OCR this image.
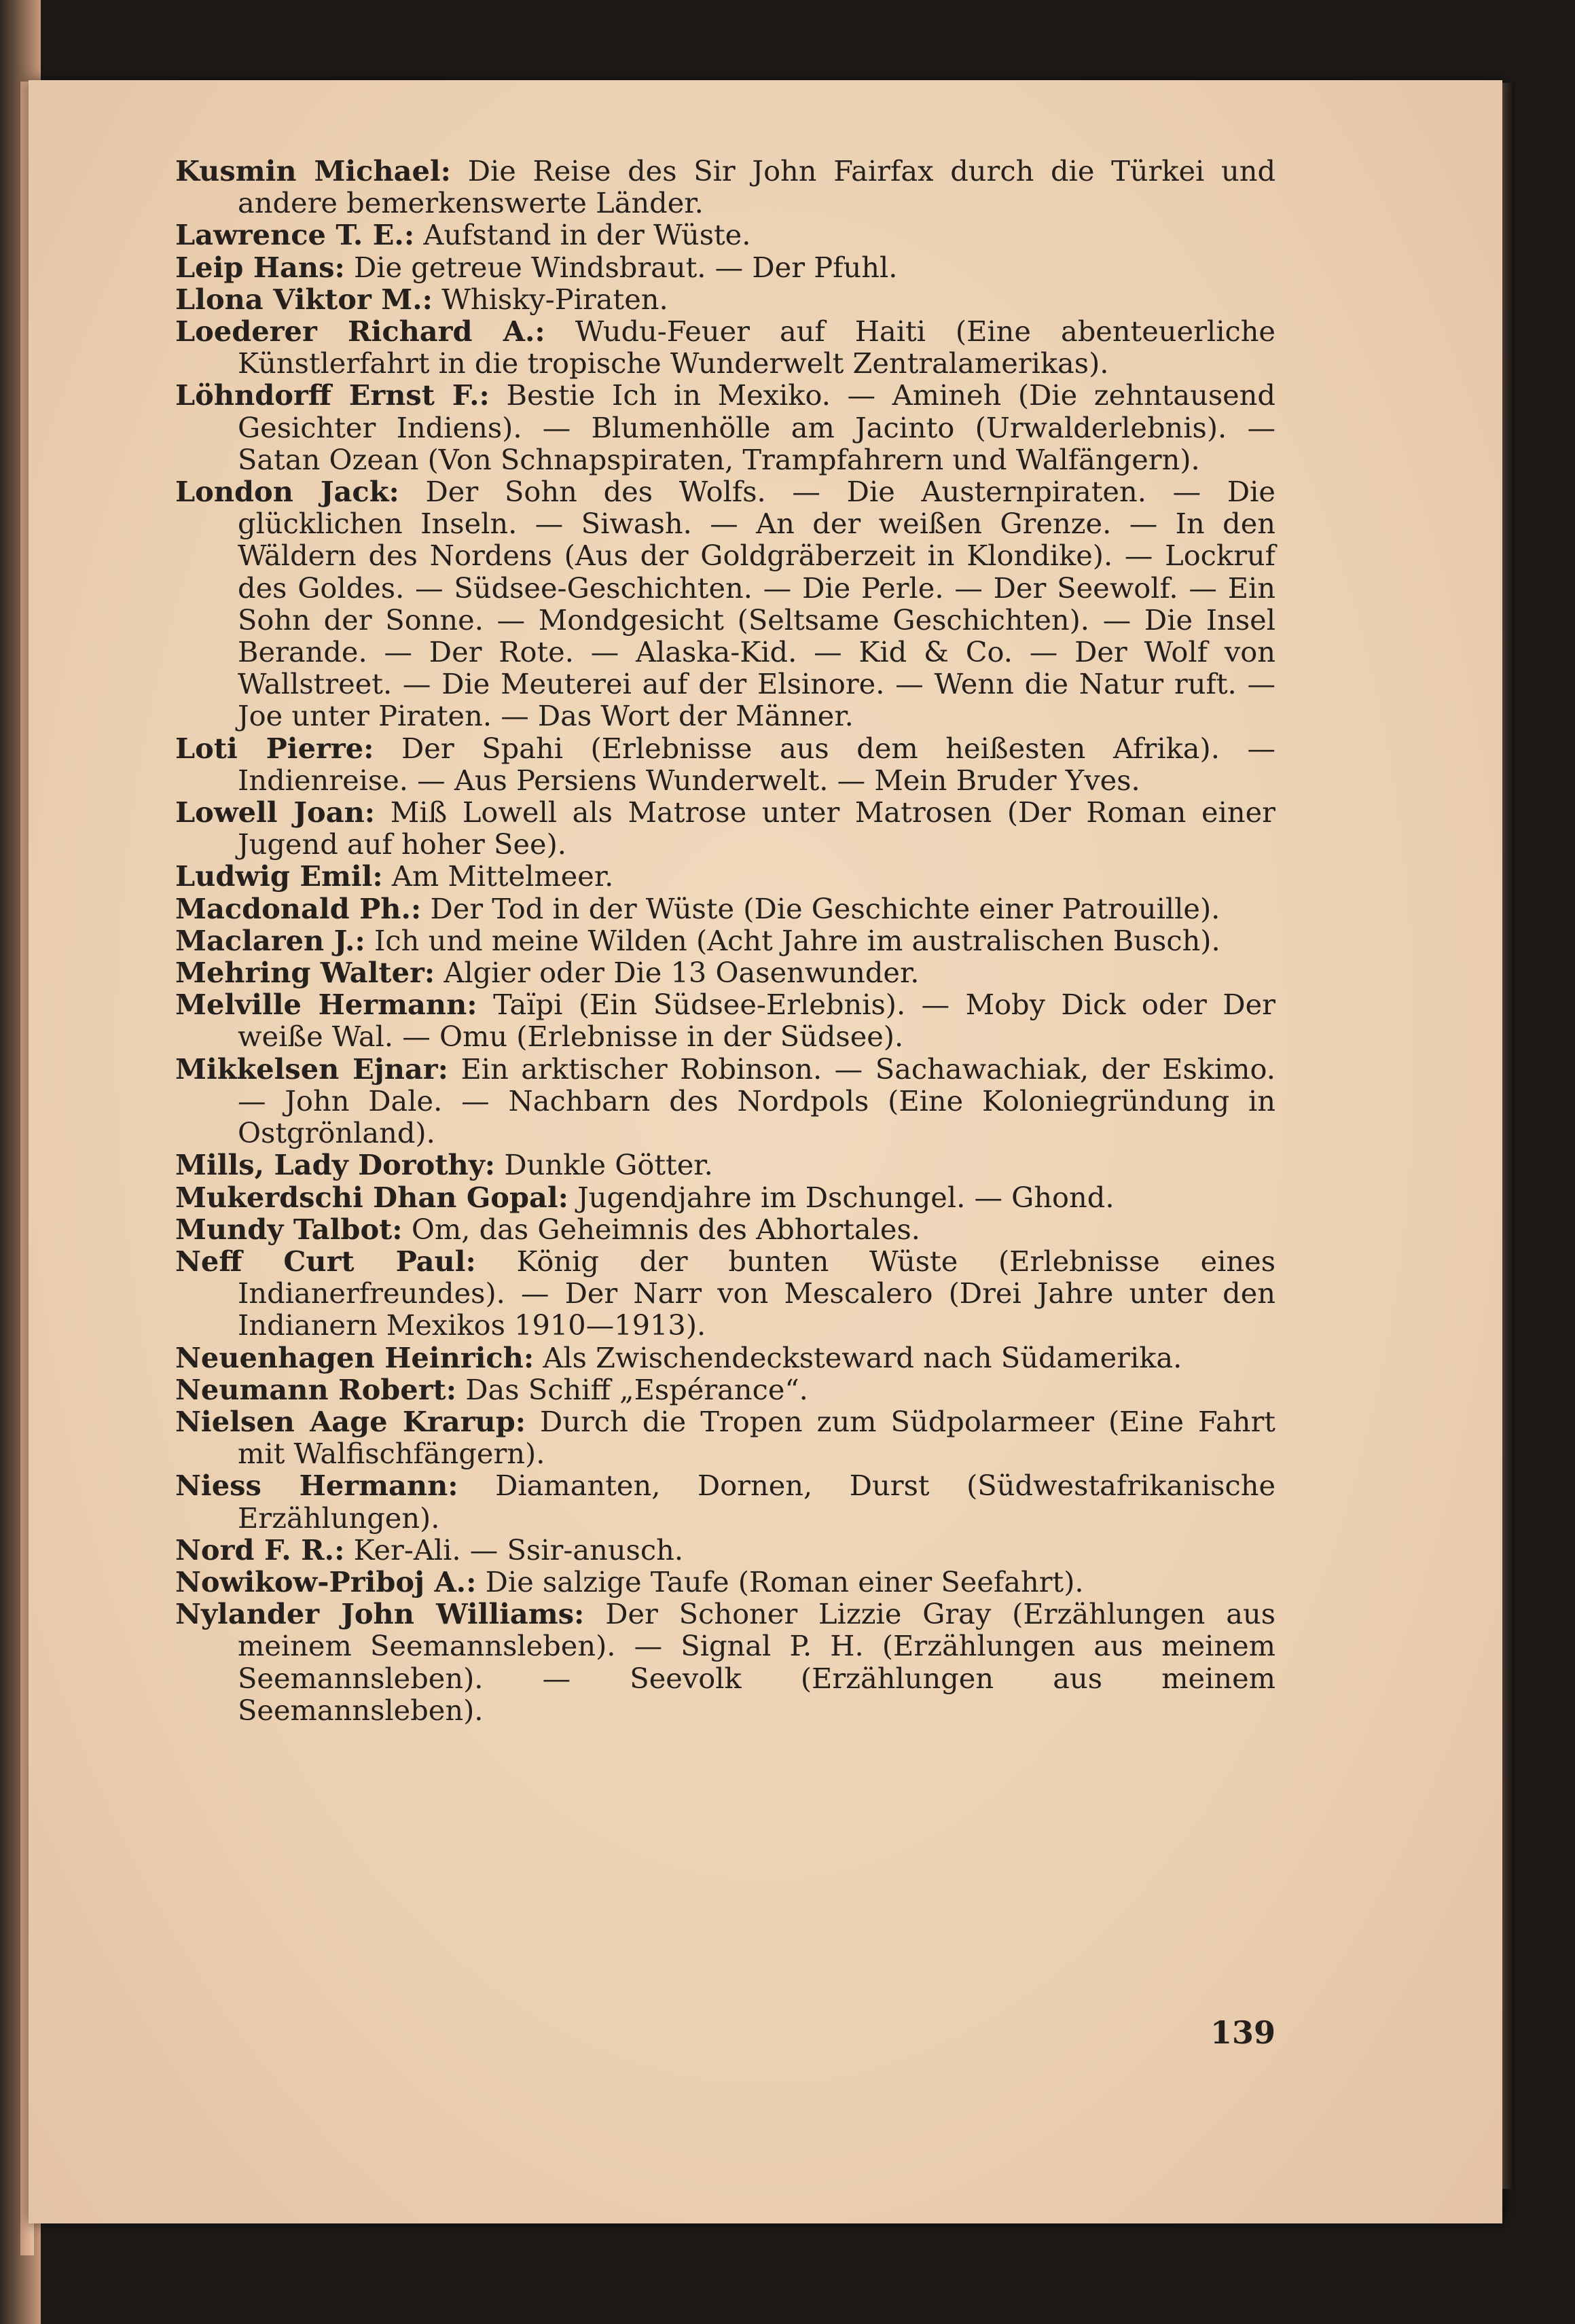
Kusmin Michael: Die Reise des Sir John Fairfax durch die Türkei und andere bemerkenswerte Länder.

Lawrence T. E.: Aufstand in der Wüste.

Leip Hans: Die getreue Windsbraut. — Der Pfuhl.

Llona Viktor M.: Whisky-Piraten.

Loederer Richard A.: Wudu-Feuer auf Haiti (Eine abenteuerliche Künstlerfahrt in die tropische Wunderwelt Zentralamerikas).

Löhndorff Ernst F.: Bestie Ich in Mexiko. — Amineh (Die zehntausend Gesichter Indiens). — Blumenhölle am Jacinto (Urwalderlebnis). — Satan Ozean (Von Schnapspiraten, Trampfahrern und Walfängern).

London Jack: Der Sohn des Wolfs. — Die Austernpiraten. — Die glücklichen Inseln. — Siwash. — An der weißen Grenze. — In den Wäldern des Nordens (Aus der Goldgräberzeit in Klondike). — Lockruf des Goldes. — Südsee-Geschichten. — Die Perle. — Der Seewolf. — Ein Sohn der Sonne. — Mondgesicht (Seltsame Geschichten). — Die Insel Berande. — Der Rote. — Alaska-Kid. — Kid & Co. — Der Wolf von Wallstreet. — Die Meuterei auf der Elsinore. — Wenn die Natur ruft. — Joe unter Piraten. — Das Wort der Männer.

Loti Pierre: Der Spahi (Erlebnisse aus dem heißesten Afrika). — Indienreise. — Aus Persiens Wunderwelt. — Mein Bruder Yves.

Lowell Joan: Miß Lowell als Matrose unter Matrosen (Der Roman einer Jugend auf hoher See).

Ludwig Emil: Am Mittelmeer.

Macdonald Ph.: Der Tod in der Wüste (Die Geschichte einer Patrouille).

Maclaren J.: Ich und meine Wilden (Acht Jahre im australischen Busch).

Mehring Walter: Algier oder Die 13 Oasenwunder.

Melville Hermann: Taïpi (Ein Südsee-Erlebnis). — Moby Dick oder Der weiße Wal. — Omu (Erlebnisse in der Südsee).

Mikkelsen Ejnar: Ein arktischer Robinson. — Sachawachiak, der Eskimo. — John Dale. — Nachbarn des Nordpols (Eine Koloniegründung in Ostgrönland).

Mills, Lady Dorothy: Dunkle Götter.

Mukerdschi Dhan Gopal: Jugendjahre im Dschungel. — Ghond.

Mundy Talbot: Om, das Geheimnis des Abhortales.

Neff Curt Paul: König der bunten Wüste (Erlebnisse eines Indianerfreundes). — Der Narr von Mescalero (Drei Jahre unter den Indianern Mexikos 1910—1913).

Neuenhagen Heinrich: Als Zwischendecksteward nach Südamerika.

Neumann Robert: Das Schiff „Espérance“.

Nielsen Aage Krarup: Durch die Tropen zum Südpolarmeer (Eine Fahrt mit Walfischfängern).

Niess Hermann: Diamanten, Dornen, Durst (Südwestafrikanische Erzählungen).

Nord F. R.: Ker-Ali. — Ssir-anusch.

Nowikow-Priboj A.: Die salzige Taufe (Roman einer Seefahrt).

Nylander John Williams: Der Schoner Lizzie Gray (Erzählungen aus meinem Seemannsleben). — Signal P. H. (Erzählungen aus meinem Seemannsleben). — Seevolk (Erzählungen aus meinem Seemannsleben).

139
